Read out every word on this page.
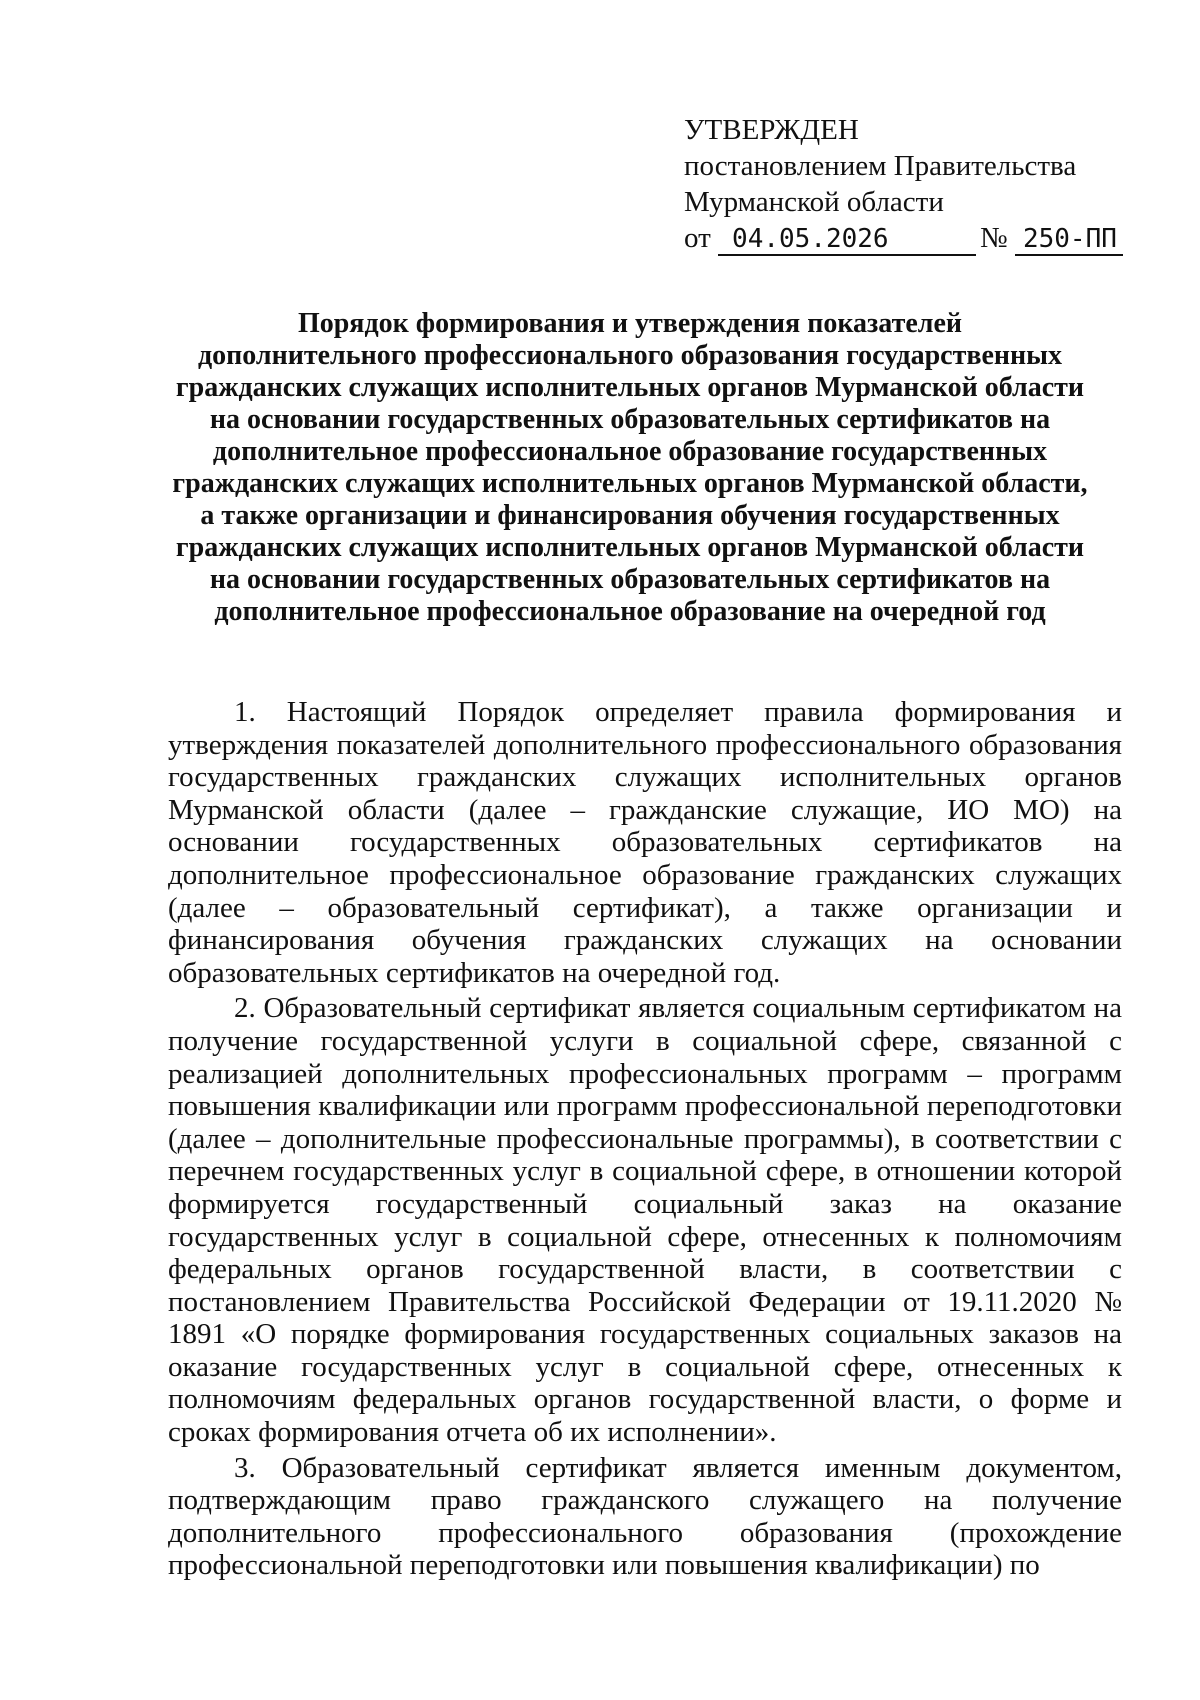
УТВЕРЖДЕН
постановлением Правительства
Мурманской области
от 04.05.2026	№ 250-ПП
Порядок формирования и утверждения показателей
дополнительного профессионального образования государственных
гражданских служащих исполнительных органов Мурманской области
на основании государственных образовательных сертификатов на
дополнительное профессиональное образование государственных
гражданских служащих исполнительных органов Мурманской области,
а также организации и финансирования обучения государственных
гражданских служащих исполнительных органов Мурманской области
на основании государственных образовательных сертификатов на
дополнительное профессиональное образование на очередной год

1. Настоящий Порядок определяет правила формирования и утверждения показателей дополнительного профессионального образования государственных гражданских служащих исполнительных органов Мурманской области (далее – гражданские служащие, ИО МО) на основании государственных образовательных сертификатов на дополнительное профессиональное образование гражданских служащих (далее – образовательный сертификат), а также организации и финансирования обучения гражданских служащих на основании образовательных сертификатов на очередной год.

2. Образовательный сертификат является социальным сертификатом на получение государственной услуги в социальной сфере, связанной с реализацией дополнительных профессиональных программ – программ повышения квалификации или программ профессиональной переподготовки (далее – дополнительные профессиональные программы), в соответствии с перечнем государственных услуг в социальной сфере, в отношении которой формируется государственный социальный заказ на оказание государственных услуг в социальной сфере, отнесенных к полномочиям федеральных органов государственной власти, в соответствии с постановлением Правительства Российской Федерации от 19.11.2020 № 1891 «О порядке формирования государственных социальных заказов на оказание государственных услуг в социальной сфере, отнесенных к полномочиям федеральных органов государственной власти, о форме и сроках формирования отчета об их исполнении».

3. Образовательный сертификат является именным документом, подтверждающим право гражданского служащего на получение дополнительного профессионального образования (прохождение профессиональной переподготовки или повышения квалификации) по
